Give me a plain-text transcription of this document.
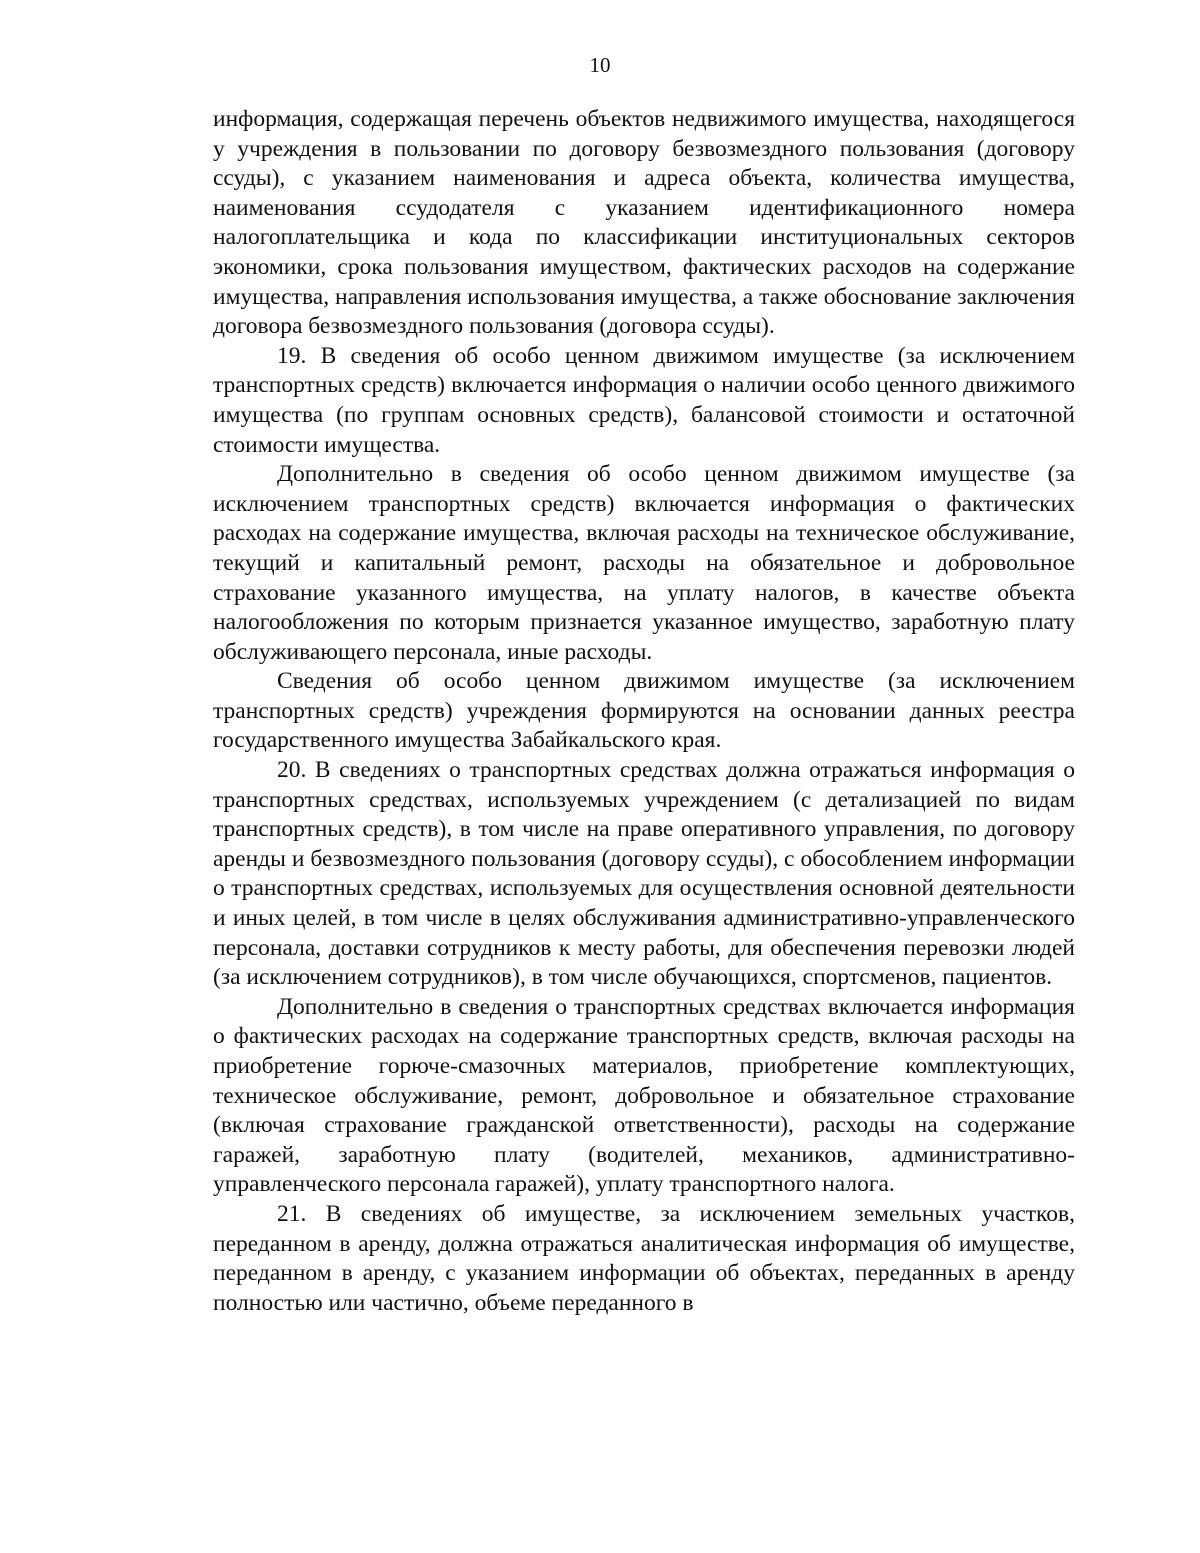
10

информация, содержащая перечень объектов недвижимого имущества, находящегося у учреждения в пользовании по договору безвозмездного пользования (договору ссуды), с указанием наименования и адреса объекта, количества имущества, наименования ссудодателя с указанием идентификационного номера налогоплательщика и кода по классификации институциональных секторов экономики, срока пользования имуществом, фактических расходов на содержание имущества, направления использования имущества, а также обоснование заключения договора безвозмездного пользования (договора ссуды).

19. В сведения об особо ценном движимом имуществе (за исключением транспортных средств) включается информация о наличии особо ценного движимого имущества (по группам основных средств), балансовой стоимости и остаточной стоимости имущества.

Дополнительно в сведения об особо ценном движимом имуществе (за исключением транспортных средств) включается информация о фактических расходах на содержание имущества, включая расходы на техническое обслуживание, текущий и капитальный ремонт, расходы на обязательное и добровольное страхование указанного имущества, на уплату налогов, в качестве объекта налогообложения по которым признается указанное имущество, заработную плату обслуживающего персонала, иные расходы.

Сведения об особо ценном движимом имуществе (за исключением транспортных средств) учреждения формируются на основании данных реестра государственного имущества Забайкальского края.

20. В сведениях о транспортных средствах должна отражаться информация о транспортных средствах, используемых учреждением (с детализацией по видам транспортных средств), в том числе на праве оперативного управления, по договору аренды и безвозмездного пользования (договору ссуды), с обособлением информации о транспортных средствах, используемых для осуществления основной деятельности и иных целей, в том числе в целях обслуживания административно-управленческого персонала, доставки сотрудников к месту работы, для обеспечения перевозки людей (за исключением сотрудников), в том числе обучающихся, спортсменов, пациентов.

Дополнительно в сведения о транспортных средствах включается информация о фактических расходах на содержание транспортных средств, включая расходы на приобретение горюче-смазочных материалов, приобретение комплектующих, техническое обслуживание, ремонт, добровольное и обязательное страхование (включая страхование гражданской ответственности), расходы на содержание гаражей, заработную плату (водителей, механиков, административно-управленческого персонала гаражей), уплату транспортного налога.

21. В сведениях об имуществе, за исключением земельных участков, переданном в аренду, должна отражаться аналитическая информация об имуществе, переданном в аренду, с указанием информации об объектах, переданных в аренду полностью или частично, объеме переданного в
